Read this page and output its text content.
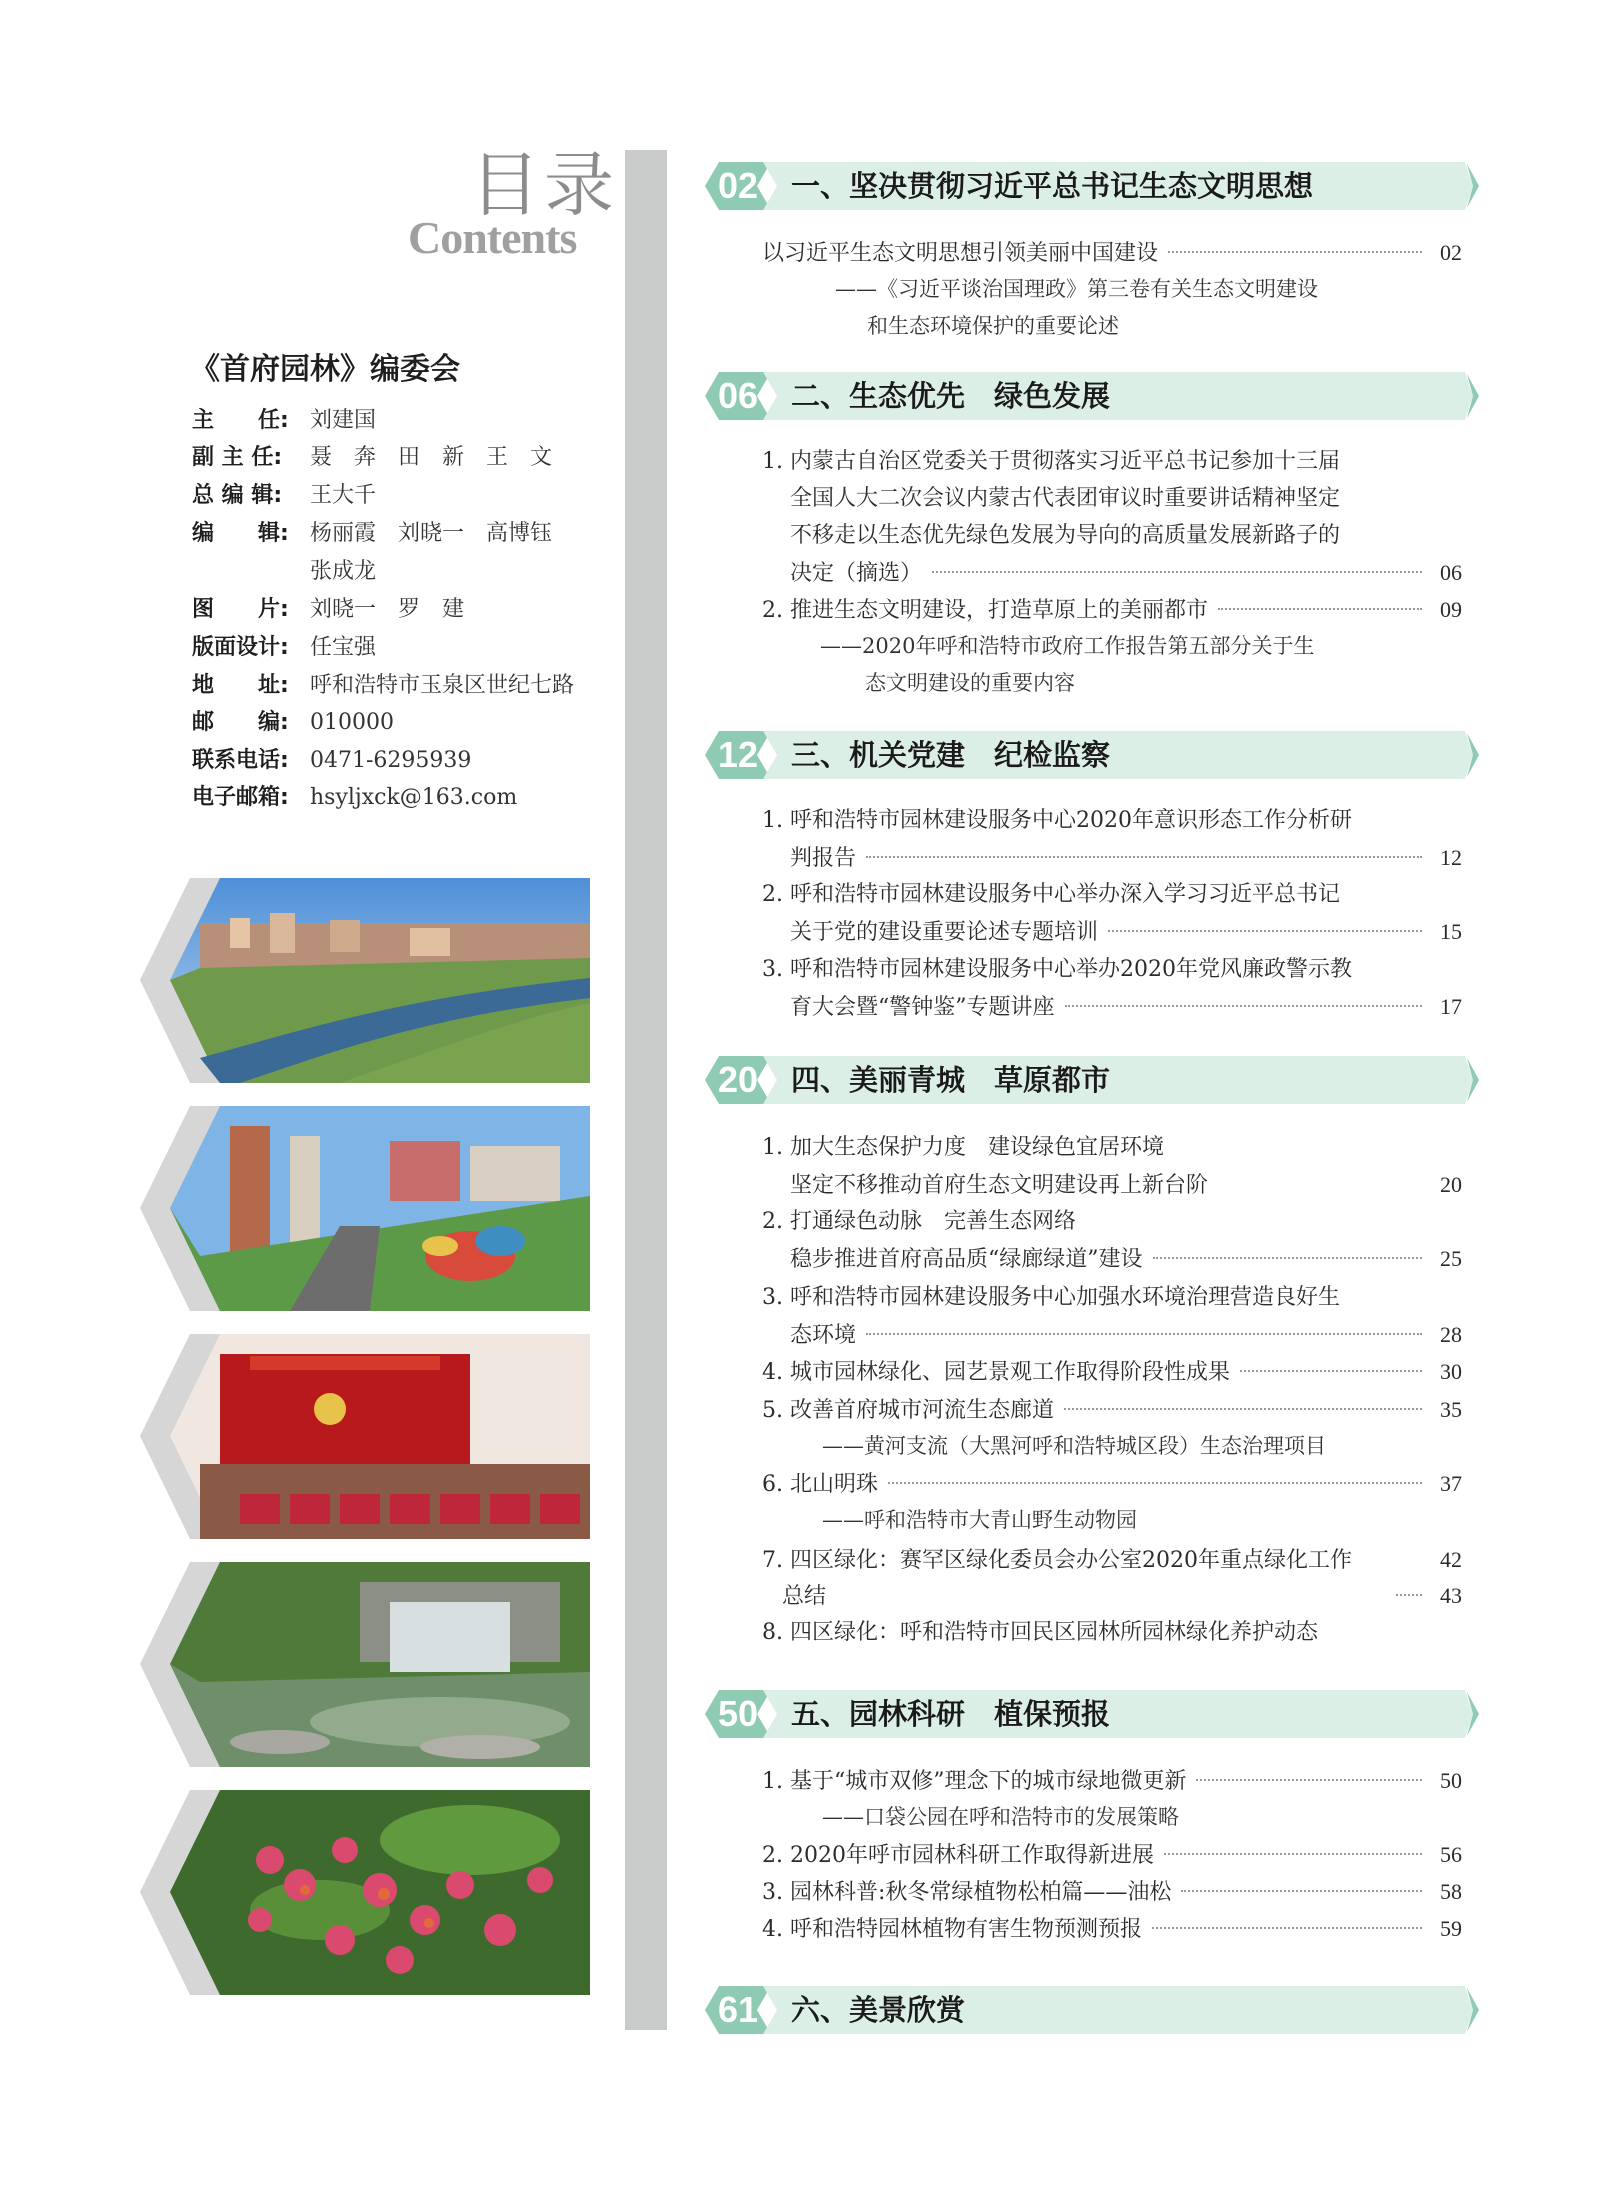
目录
Contents
《首府园林》编委会
主　　任: 刘建国
副 主 任:	聂　奔　田　新　王　文
总 编 辑:	王大千
编　　辑: 杨丽霞　刘晓一　高博钰
张成龙
图　　片: 刘晓一　罗　建
版面设计: 任宝强
地　　址: 呼和浩特市玉泉区世纪七路
邮　　编: 010000
联系电话: 0471-6295939
电子邮箱: hsyljxck@163.com
02	一、坚决贯彻习近平总书记生态文明思想
以习近平生态文明思想引领美丽中国建设	02
——《习近平谈治国理政》第三卷有关生态文明建设
和生态环境保护的重要论述
06	二、生态优先　绿色发展
1. 内蒙古自治区党委关于贯彻落实习近平总书记参加十三届
全国人大二次会议内蒙古代表团审议时重要讲话精神坚定
不移走以生态优先绿色发展为导向的高质量发展新路子的
决定（摘选）	06
2. 推进生态文明建设，打造草原上的美丽都市	09
——2020年呼和浩特市政府工作报告第五部分关于生
态文明建设的重要内容
12	三、机关党建　纪检监察
1. 呼和浩特市园林建设服务中心2020年意识形态工作分析研
判报告	12
2. 呼和浩特市园林建设服务中心举办深入学习习近平总书记
关于党的建设重要论述专题培训	15
3. 呼和浩特市园林建设服务中心举办2020年党风廉政警示教
育大会暨“警钟鉴”专题讲座	17
20	四、美丽青城　草原都市
1. 加大生态保护力度　建设绿色宜居环境
坚定不移推动首府生态文明建设再上新台阶	20
2. 打通绿色动脉　完善生态网络
稳步推进首府高品质“绿廊绿道”建设	25
3. 呼和浩特市园林建设服务中心加强水环境治理营造良好生
态环境	28
4. 城市园林绿化、园艺景观工作取得阶段性成果	30
5. 改善首府城市河流生态廊道	35
——黄河支流（大黑河呼和浩特城区段）生态治理项目
6. 北山明珠	37
——呼和浩特市大青山野生动物园
7. 四区绿化：赛罕区绿化委员会办公室2020年重点绿化工作	42
总结	43
8. 四区绿化：呼和浩特市回民区园林所园林绿化养护动态
50	五、园林科研　植保预报
1. 基于“城市双修”理念下的城市绿地微更新	50
——口袋公园在呼和浩特市的发展策略
2. 2020年呼市园林科研工作取得新进展	56
3. 园林科普:秋冬常绿植物松柏篇——油松	58
4. 呼和浩特园林植物有害生物预测预报	59
61	六、美景欣赏
